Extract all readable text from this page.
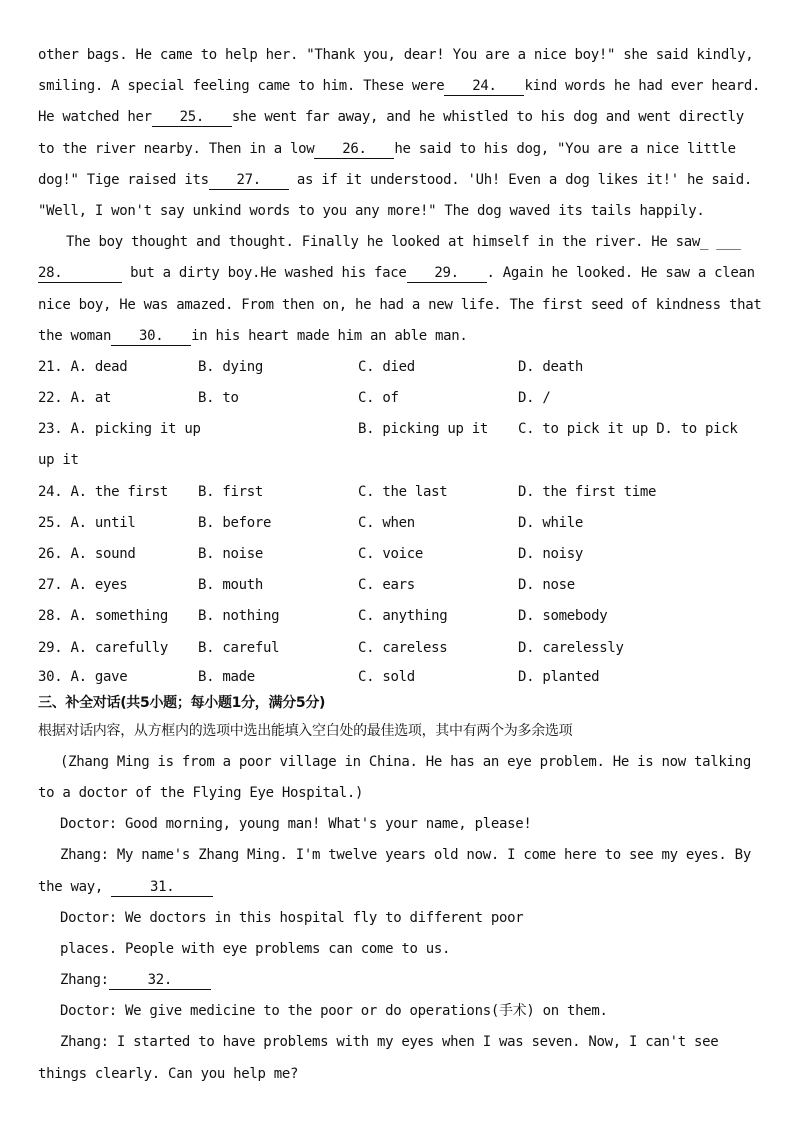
other bags. He came to help her. "Thank you, dear! You are a nice boy!" she said kindly,
smiling. A special feeling came to him. These were 24. kind words he had ever heard.
He watched her 25. she went far away, and he whistled to his dog and went directly
to the river nearby. Then in a low 26. he said to his dog, "You are a nice little
dog!" Tige raised its 27. as if it understood. 'Uh! Even a dog likes it!' he said.
"Well, I won't say unkind words to you any more!" The dog waved its tails happily.
The boy thought and thought. Finally he looked at himself in the river. He saw_ ___
28.	but a dirty boy.He washed his face 29. . Again he looked. He saw a clean
nice boy, He was amazed. From then on, he had a new life. The first seed of kindness that
the woman 30. in his heart made him an able man.
21. A. dead	B. dying	C. died	D. death
22. A. at	B. to	C. of	D. /
23. A. picking it up	B. picking up it	C. to pick it up D. to pick
up it
24. A. the first	B. first	C. the last	D. the first time
25. A. until	B. before	C. when	D. while
26. A. sound	B. noise	C. voice	D. noisy
27. A. eyes	B. mouth	C. ears	D. nose
28. A. something	B. nothing	C. anything	D. somebody
29. A. carefully	B. careful	C. careless	D. carelessly
30. A. gave	B. made	C. sold	D. planted
三、补全对话(共5小题；每小题1分，满分5分)
根据对话内容，从方框内的选项中选出能填入空白处的最佳选项，其中有两个为多余选项
(Zhang Ming is from a poor village in China. He has an eye problem. He is now talking
to a doctor of the Flying Eye Hospital.)
Doctor: Good morning, young man! What's your name, please!
Zhang: My name's Zhang Ming. I'm twelve years old now. I come here to see my eyes. By
the way,	31.
Doctor: We doctors in this hospital fly to different poor
places. People with eye problems can come to us.
Zhang:	32.
Doctor: We give medicine to the poor or do operations(手术) on them.
Zhang: I started to have problems with my eyes when I was seven. Now, I can't see
things clearly. Can you help me?
